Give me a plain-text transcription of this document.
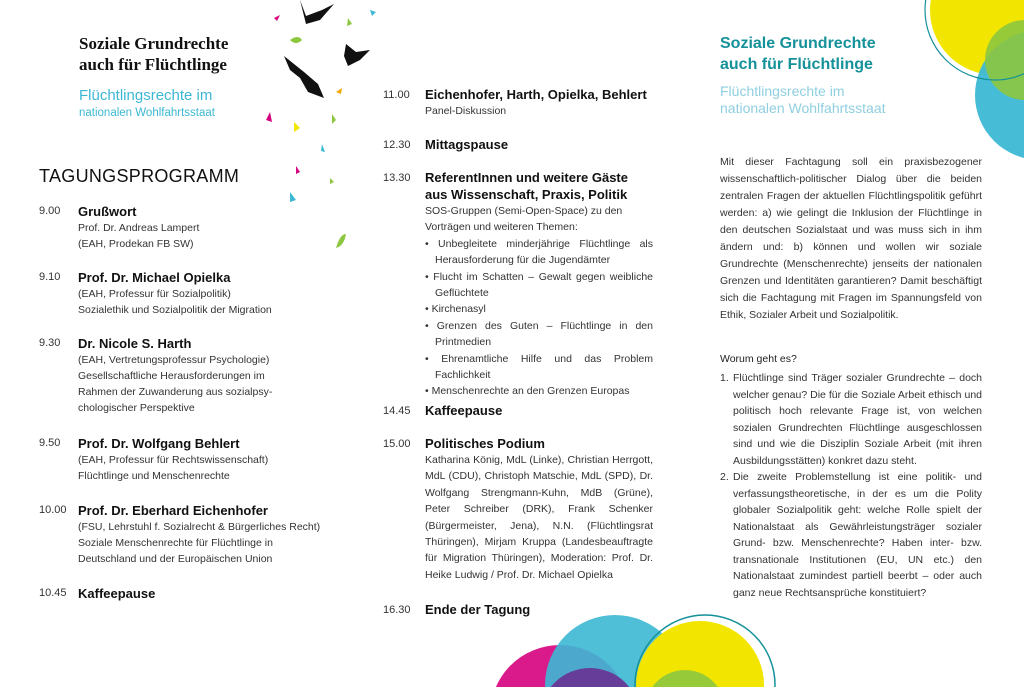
Soziale Grundrechte
auch für Flüchtlinge
Flüchtlingsrechte im
nationalen Wohlfahrtsstaat
TAGUNGSPROGRAMM
9.00 Grußwort
Prof. Dr. Andreas Lampert
(EAH, Prodekan FB SW)
9.10 Prof. Dr. Michael Opielka
(EAH, Professur für Sozialpolitik)
Sozialethik und Sozialpolitik der Migration
9.30 Dr. Nicole S. Harth
(EAH, Vertretungsprofessur Psychologie)
Gesellschaftliche Herausforderungen im
Rahmen der Zuwanderung aus sozialpsy-
chologischer Perspektive
9.50 Prof. Dr. Wolfgang Behlert
(EAH, Professur für Rechtswissenschaft)
Flüchtlinge und Menschenrechte
10.00 Prof. Dr. Eberhard Eichenhofer
(FSU, Lehrstuhl f. Sozialrecht & Bürgerliches Recht)
Soziale Menschenrechte für Flüchtlinge in
Deutschland und der Europäischen Union
10.45 Kaffeepause
11.00 Eichenhofer, Harth, Opielka, Behlert
Panel-Diskussion
12.30 Mittagspause
13.30 ReferentInnen und weitere Gäste
aus Wissenschaft, Praxis, Politik
SOS-Gruppen (Semi-Open-Space) zu den
Vorträgen und weiteren Themen:
• Unbegleitete minderjährige Flüchtlinge als Herausforderung für die Jugendämter
• Flucht im Schatten – Gewalt gegen weibliche Geflüchtete
• Kirchenasyl
• Grenzen des Guten – Flüchtlinge in den Printmedien
• Ehrenamtliche Hilfe und das Problem Fachlichkeit
• Menschenrechte an den Grenzen Europas
14.45 Kaffeepause
15.00 Politisches Podium
Katharina König, MdL (Linke), Christian Herrgott, MdL (CDU), Christoph Matschie, MdL (SPD), Dr. Wolfgang Strengmann-Kuhn, MdB (Grüne), Peter Schreiber (DRK), Frank Schenker (Bürgermeister, Jena), N.N. (Flüchtlingsrat Thüringen), Mirjam Kruppa (Landesbeauftragte für Migration Thüringen), Moderation: Prof. Dr. Heike Ludwig / Prof. Dr. Michael Opielka
16.30 Ende der Tagung
Soziale Grundrechte
auch für Flüchtlinge
Flüchtlingsrechte im
nationalen Wohlfahrtsstaat
Mit dieser Fachtagung soll ein praxisbezogener wissenschaftlich-politischer Dialog über die beiden zentralen Fragen der aktuellen Flüchtlingspolitik geführt werden: a) wie gelingt die Inklusion der Flüchtlinge in den deutschen Sozialstaat und was muss sich in ihm ändern und: b) können und wollen wir soziale Grundrechte (Menschenrechte) jenseits der nationalen Grenzen und Identitäten garantieren? Damit beschäftigt sich die Fachtagung mit Fragen im Spannungsfeld von Ethik, Sozialer Arbeit und Sozialpolitik.
Worum geht es?
1. Flüchtlinge sind Träger sozialer Grundrechte – doch welcher genau? Die für die Soziale Arbeit ethisch und politisch hoch relevante Frage ist, von welchen sozialen Grundrechten Flüchtlinge ausgeschlossen sind und wie die Disziplin Soziale Arbeit (mit ihren Ausbildungsstätten) konkret dazu steht.
2. Die zweite Problemstellung ist eine politik- und verfassungstheoretische, in der es um die Polity globaler Sozialpolitik geht: welche Rolle spielt der Nationalstaat als Gewährleistungsträger sozialer Grund- bzw. Menschenrechte? Haben inter- bzw. transnationale Institutionen (EU, UN etc.) den Nationalstaat zumindest partiell beerbt – oder auch ganz neue Rechtsansprüche konstituiert?
